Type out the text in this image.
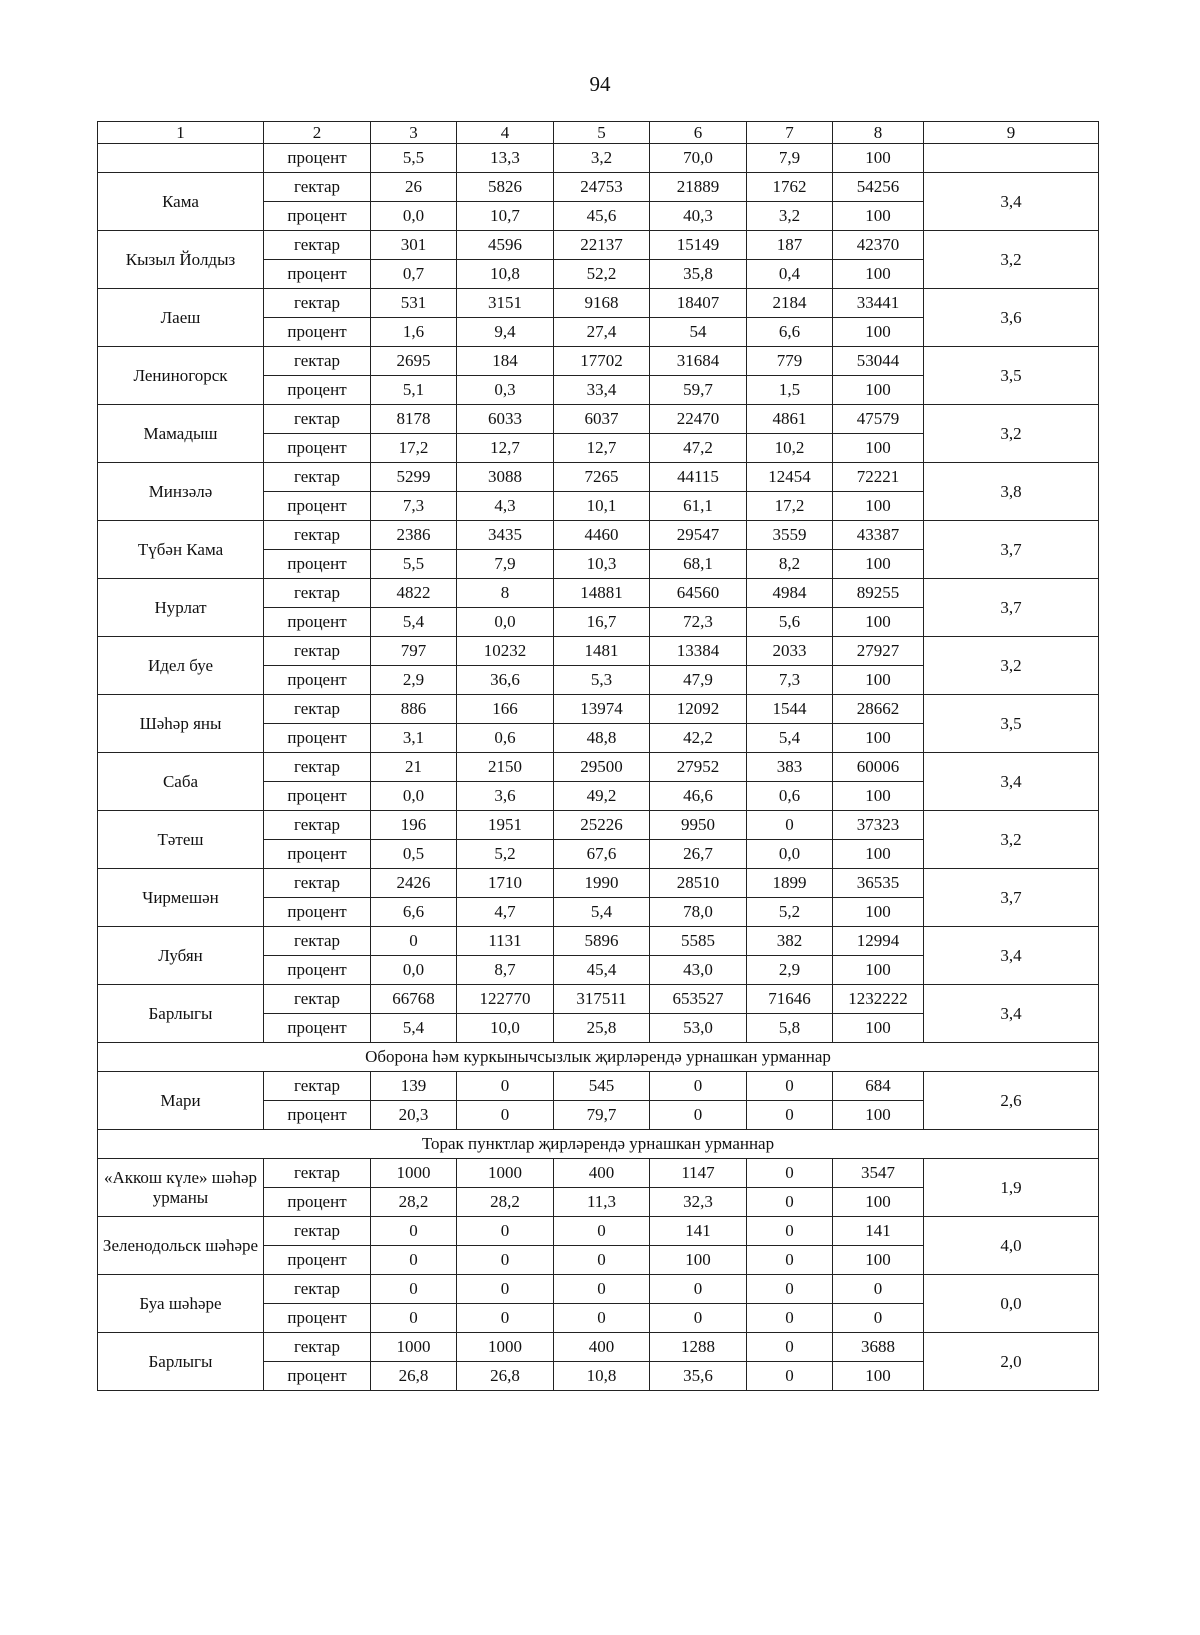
94
1	2	3	4	5	6	7	8	9
	процент	5,5	13,3	3,2	70,0	7,9	100	
Кама	гектар	26	5826	24753	21889	1762	54256	3,4
	процент	0,0	10,7	45,6	40,3	3,2	100	
Кызыл Йолдыз	гектар	301	4596	22137	15149	187	42370	3,2
	процент	0,7	10,8	52,2	35,8	0,4	100	
Лаеш	гектар	531	3151	9168	18407	2184	33441	3,6
	процент	1,6	9,4	27,4	54	6,6	100	
Лениногорск	гектар	2695	184	17702	31684	779	53044	3,5
	процент	5,1	0,3	33,4	59,7	1,5	100	
Мамадыш	гектар	8178	6033	6037	22470	4861	47579	3,2
	процент	17,2	12,7	12,7	47,2	10,2	100	
Минзәлә	гектар	5299	3088	7265	44115	12454	72221	3,8
	процент	7,3	4,3	10,1	61,1	17,2	100	
Түбән Кама	гектар	2386	3435	4460	29547	3559	43387	3,7
	процент	5,5	7,9	10,3	68,1	8,2	100	
Нурлат	гектар	4822	8	14881	64560	4984	89255	3,7
	процент	5,4	0,0	16,7	72,3	5,6	100	
Идел буе	гектар	797	10232	1481	13384	2033	27927	3,2
	процент	2,9	36,6	5,3	47,9	7,3	100	
Шәһәр яны	гектар	886	166	13974	12092	1544	28662	3,5
	процент	3,1	0,6	48,8	42,2	5,4	100	
Саба	гектар	21	2150	29500	27952	383	60006	3,4
	процент	0,0	3,6	49,2	46,6	0,6	100	
Тәтеш	гектар	196	1951	25226	9950	0	37323	3,2
	процент	0,5	5,2	67,6	26,7	0,0	100	
Чирмешән	гектар	2426	1710	1990	28510	1899	36535	3,7
	процент	6,6	4,7	5,4	78,0	5,2	100	
Лубян	гектар	0	1131	5896	5585	382	12994	3,4
	процент	0,0	8,7	45,4	43,0	2,9	100	
Барлыгы	гектар	66768	122770	317511	653527	71646	1232222	3,4
	процент	5,4	10,0	25,8	53,0	5,8	100	
Оборона һәм куркынычсызлык җирләрендә урнашкан урманнар								
Мари	гектар	139	0	545	0	0	684	2,6
	процент	20,3	0	79,7	0	0	100	
Торак пунктлар җирләрендә урнашкан урманнар								
«Аккош күле» шәһәр урманы	гектар	1000	1000	400	1147	0	3547	1,9
	процент	28,2	28,2	11,3	32,3	0	100	
Зеленодольск шәһәре	гектар	0	0	0	141	0	141	4,0
	процент	0	0	0	100	0	100	
Буа шәһәре	гектар	0	0	0	0	0	0	0,0
	процент	0	0	0	0	0	0	
Барлыгы	гектар	1000	1000	400	1288	0	3688	2,0
	процент	26,8	26,8	10,8	35,6	0	100	
